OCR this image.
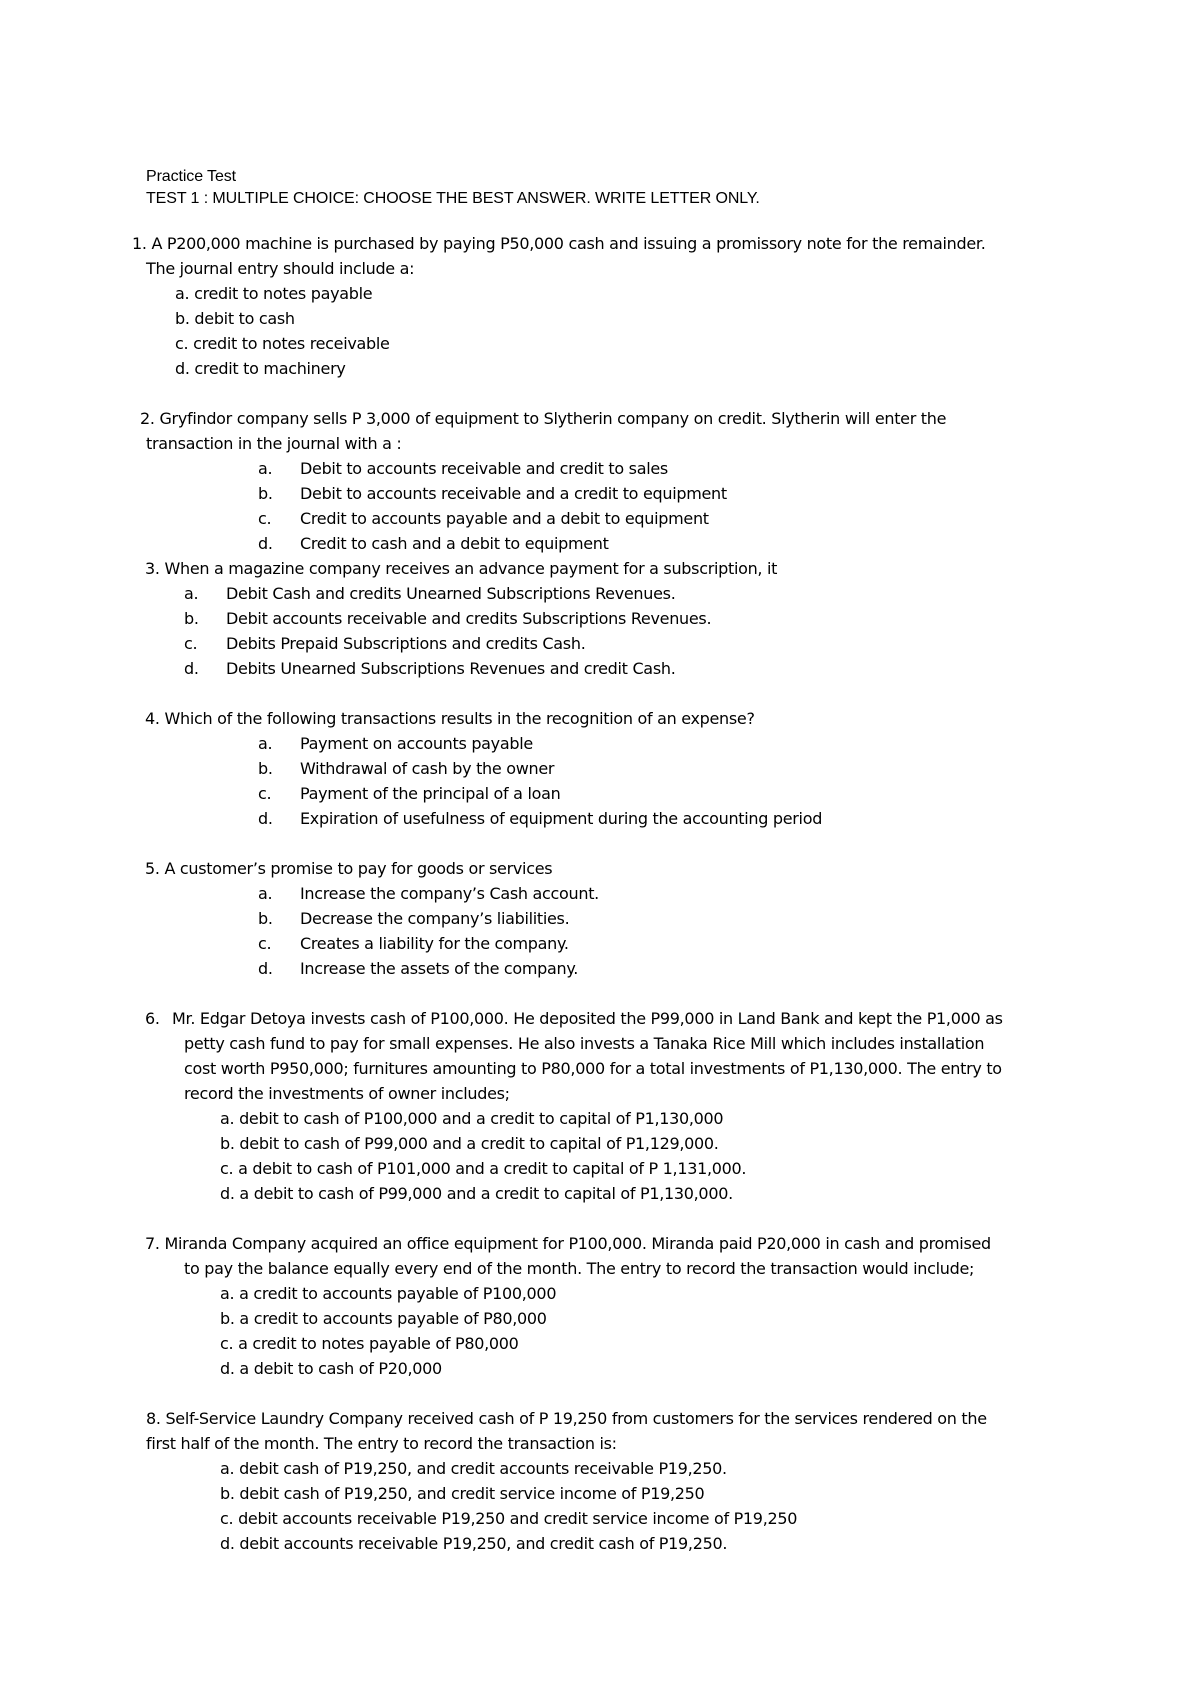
Practice Test
TEST 1 : MULTIPLE CHOICE: CHOOSE THE BEST ANSWER. WRITE LETTER ONLY.
1. A P200,000 machine is purchased by paying P50,000 cash and issuing a promissory note for the remainder.
The journal entry should include a:
a. credit to notes payable
b. debit to cash
c. credit to notes receivable
d. credit to machinery
2. Gryfindor company sells P 3,000 of equipment to Slytherin company on credit. Slytherin will enter the
transaction in the journal with a :
a. Debit to accounts receivable and credit to sales
b. Debit to accounts receivable and a credit to equipment
c. Credit to accounts payable and a debit to equipment
d. Credit to cash and a debit to equipment
3. When a magazine company receives an advance payment for a subscription, it
a. Debit Cash and credits Unearned Subscriptions Revenues.
b. Debit accounts receivable and credits Subscriptions Revenues.
c. Debits Prepaid Subscriptions and credits Cash.
d. Debits Unearned Subscriptions Revenues and credit Cash.
4. Which of the following transactions results in the recognition of an expense?
a. Payment on accounts payable
b. Withdrawal of cash by the owner
c. Payment of the principal of a loan
d. Expiration of usefulness of equipment during the accounting period
5. A customer’s promise to pay for goods or services
a. Increase the company’s Cash account.
b. Decrease the company’s liabilities.
c. Creates a liability for the company.
d. Increase the assets of the company.
6. Mr. Edgar Detoya invests cash of P100,000. He deposited the P99,000 in Land Bank and kept the P1,000 as
petty cash fund to pay for small expenses. He also invests a Tanaka Rice Mill which includes installation
cost worth P950,000; furnitures amounting to P80,000 for a total investments of P1,130,000. The entry to
record the investments of owner includes;
a. debit to cash of P100,000 and a credit to capital of P1,130,000
b. debit to cash of P99,000 and a credit to capital of P1,129,000.
c. a debit to cash of P101,000 and a credit to capital of P 1,131,000.
d. a debit to cash of P99,000 and a credit to capital of P1,130,000.
7. Miranda Company acquired an office equipment for P100,000. Miranda paid P20,000 in cash and promised
to pay the balance equally every end of the month. The entry to record the transaction would include;
a. a credit to accounts payable of P100,000
b. a credit to accounts payable of P80,000
c. a credit to notes payable of P80,000
d. a debit to cash of P20,000
8. Self-Service Laundry Company received cash of P 19,250 from customers for the services rendered on the
first half of the month. The entry to record the transaction is:
a. debit cash of P19,250, and credit accounts receivable P19,250.
b. debit cash of P19,250, and credit service income of P19,250
c. debit accounts receivable P19,250 and credit service income of P19,250
d. debit accounts receivable P19,250, and credit cash of P19,250.
